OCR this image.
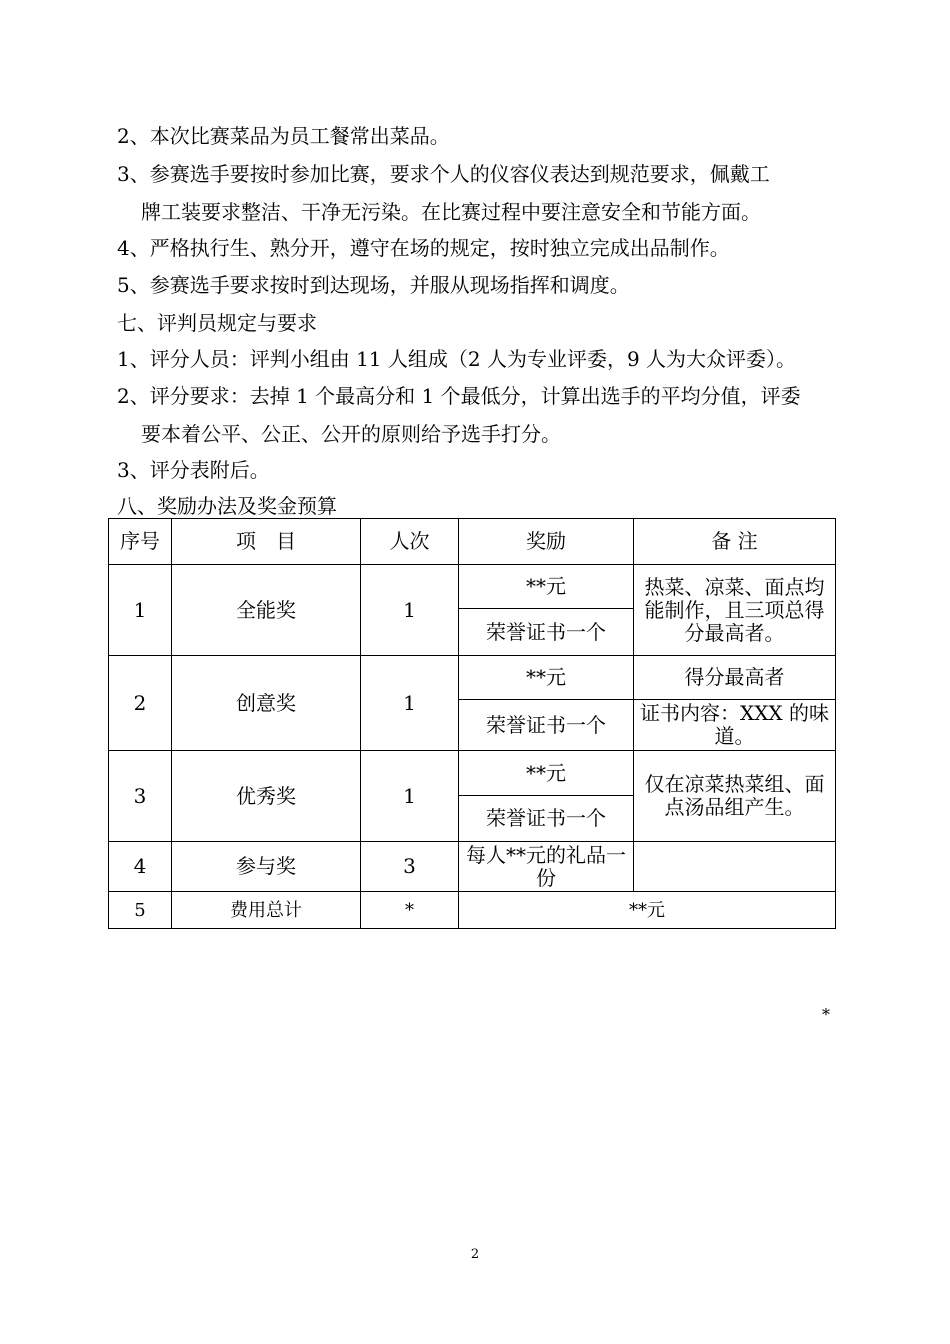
2、本次比赛菜品为员工餐常出菜品。
3、参赛选手要按时参加比赛，要求个人的仪容仪表达到规范要求，佩戴工
牌工装要求整洁、干净无污染。在比赛过程中要注意安全和节能方面。
4、严格执行生、熟分开，遵守在场的规定，按时独立完成出品制作。
5、参赛选手要求按时到达现场，并服从现场指挥和调度。
七、评判员规定与要求
1、评分人员：评判小组由 11 人组成（2 人为专业评委，9 人为大众评委）。
2、评分要求：去掉 1 个最高分和 1 个最低分，计算出选手的平均分值，评委
要本着公平、公正、公开的原则给予选手打分。
3、评分表附后。
八、奖励办法及奖金预算
序号	项　目	人次	奖励	备 注
1	全能奖	1	**元	热菜、凉菜、面点均能制作，且三项总得分最高者。
			荣誉证书一个	
2	创意奖	1	**元	得分最高者
			荣誉证书一个	证书内容：XXX 的味道。
3	优秀奖	1	**元	仅在凉菜热菜组、面点汤品组产生。
			荣誉证书一个	
4	参与奖	3	每人**元的礼品一份	
5	费用总计	*	**元	
*
2
